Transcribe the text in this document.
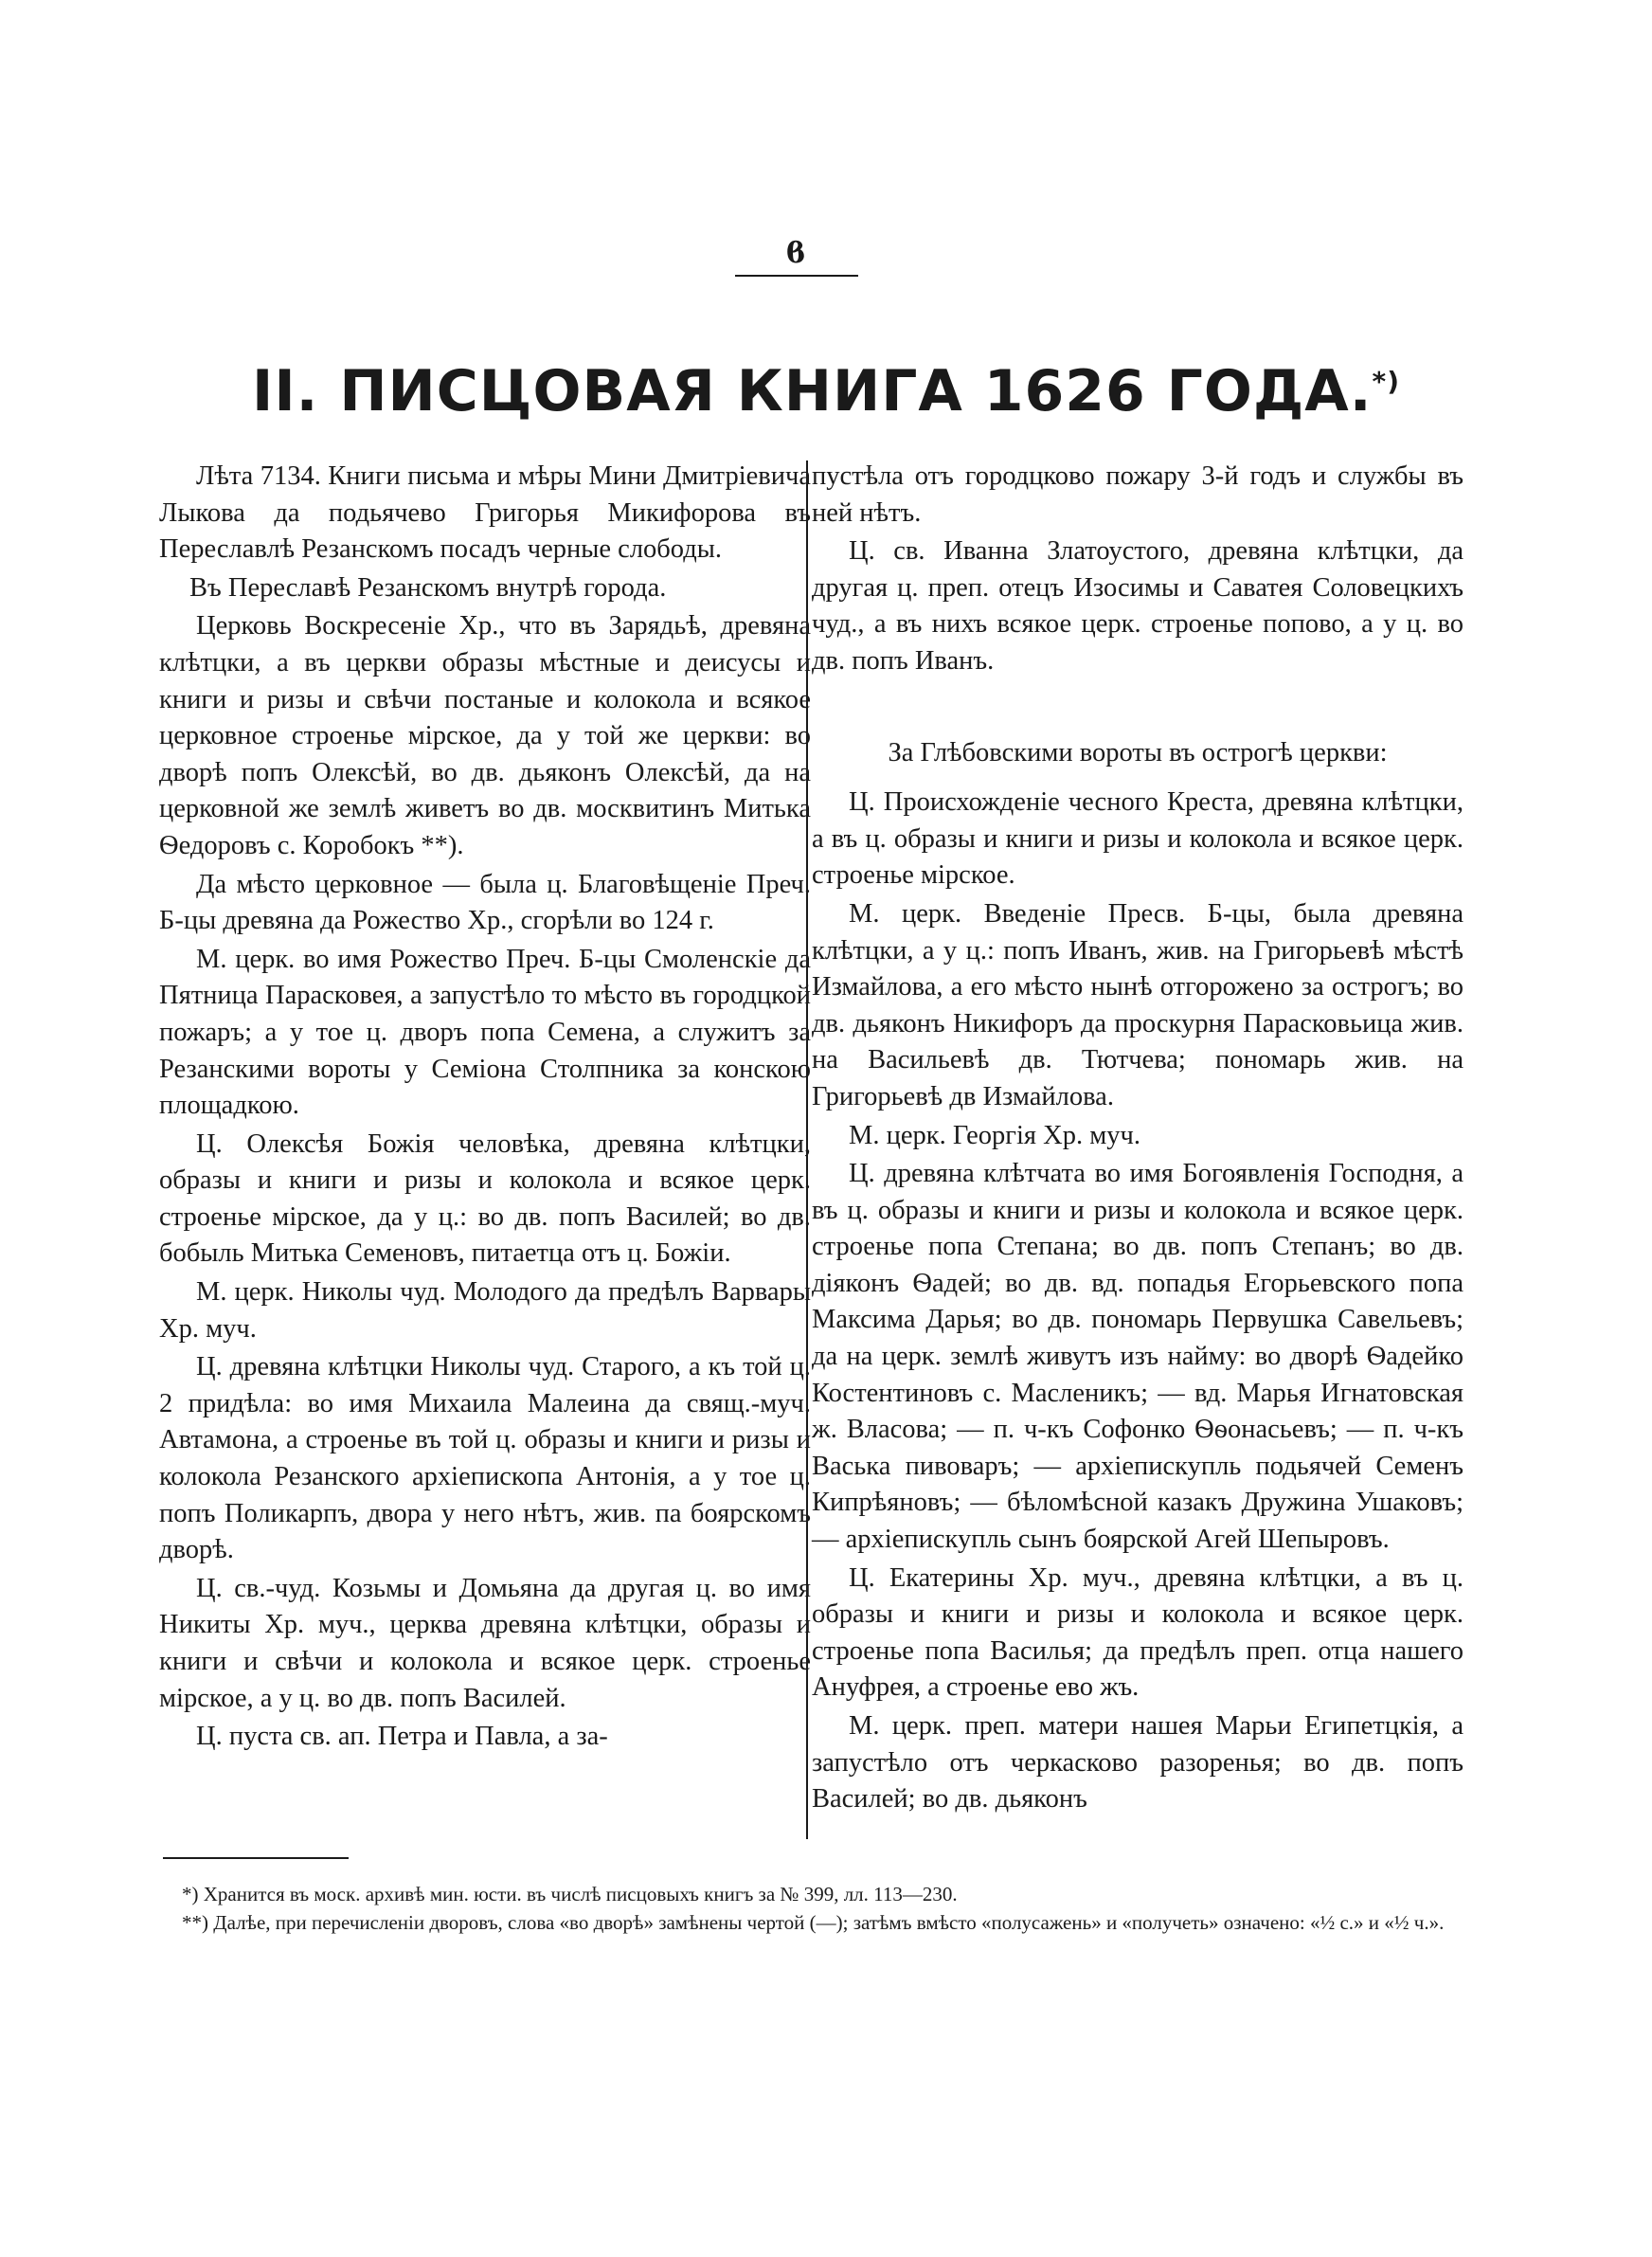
ϐ
II. ПИСЦОВАЯ КНИГА 1626 ГОДА.*)

Лѣта 7134. Книги письма и мѣры Мини Дмитріевича Лыкова да подьячево Григорья Микифорова въ Переславлѣ Резанскомъ посадъ черные слободы.

Въ Переславѣ Резанскомъ внутрѣ города.

Церковь Воскресеніе Хр., что въ Зарядьѣ, древяна клѣтцки, а въ церкви образы мѣстные и деисусы и книги и ризы и свѣчи постаные и колокола и всякое церковное строенье мірское, да у той же церкви: во дворѣ попъ Олексѣй, во дв. дьяконъ Олексѣй, да на церковной же землѣ живетъ во дв. москвитинъ Митька Ѳедоровъ с. Коробокъ **).

Да мѣсто церковное — была ц. Благовѣщеніе Преч. Б-цы древяна да Рожество Хр., сгорѣли во 124 г.

М. церк. во имя Рожество Преч. Б-цы Смоленскіе да Пятница Парасковея, а запустѣло то мѣсто въ городцкой пожаръ; а у тое ц. дворъ попа Семена, а служитъ за Резанскими вороты у Семіона Столпника за конскою площадкою.

Ц. Олексѣя Божія человѣка, древяна клѣтцки, образы и книги и ризы и колокола и всякое церк. строенье мірское, да у ц.: во дв. попъ Василей; во дв. бобыль Митька Семеновъ, питаетца отъ ц. Божіи.

М. церк. Николы чуд. Молодого да предѣлъ Варвары Хр. муч.

Ц. древяна клѣтцки Николы чуд. Старого, а къ той ц. 2 придѣла: во имя Михаила Малеина да свящ.-муч. Автамона, а строенье въ той ц. образы и книги и ризы и колокола Резанского архіепископа Антонія, а у тое ц. попъ Поликарпъ, двора у него нѣтъ, жив. па боярскомъ дворѣ.

Ц. св.-чуд. Козьмы и Домьяна да другая ц. во имя Никиты Хр. муч., церква древяна клѣтцки, образы и книги и свѣчи и колокола и всякое церк. строенье мірское, а у ц. во дв. попъ Василей.

Ц. пуста св. ап. Петра и Павла, а за-

пустѣла отъ городцково пожару 3-й годъ и службы въ ней нѣтъ.

Ц. св. Иванна Златоустого, древяна клѣтцки, да другая ц. преп. отецъ Изосимы и Саватея Соловецкихъ чуд., а въ нихъ всякое церк. строенье попово, а у ц. во дв. попъ Иванъ.

За Глѣбовскими вороты въ острогѣ церкви:

Ц. Происхожденіе чесного Креста, древяна клѣтцки, а въ ц. образы и книги и ризы и колокола и всякое церк. строенье мірское.

М. церк. Введеніе Пресв. Б-цы, была древяна клѣтцки, а у ц.: попъ Иванъ, жив. на Григорьевѣ мѣстѣ Измайлова, а его мѣсто нынѣ отгорожено за острогъ; во дв. дьяконъ Никифоръ да проскурня Парасковьица жив. на Васильевѣ дв. Тютчева; пономарь жив. на Григорьевѣ дв Измайлова.

М. церк. Георгія Хр. муч.

Ц. древяна клѣтчата во имя Богоявленія Господня, а въ ц. образы и книги и ризы и колокола и всякое церк. строенье попа Степана; во дв. попъ Степанъ; во дв. діяконъ Ѳадей; во дв. вд. попадья Егорьевского попа Максима Дарья; во дв. пономарь Первушка Савельевъ; да на церк. землѣ живутъ изъ найму: во дворѣ Ѳадейко Костентиновъ с. Масленикъ; — вд. Марья Игнатовская ж. Власова; — п. ч-къ Софонко Ѳѳонасьевъ; — п. ч-къ Васька пивоваръ; — архіепискупль подьячей Семенъ Кипрѣяновъ; — бѣломѣсной казакъ Дружина Ушаковъ; — архіепискупль сынъ боярской Агей Шепыровъ.

Ц. Екатерины Хр. муч., древяна клѣтцки, а въ ц. образы и книги и ризы и колокола и всякое церк. строенье попа Василья; да предѣлъ преп. отца нашего Ануфрея, а строенье ево жъ.

М. церк. преп. матери нашея Марьи Египетцкія, а запустѣло отъ черкасково разоренья; во дв. попъ Василей; во дв. дьяконъ

*) Хранится въ моск. архивѣ мин. юсти. въ числѣ писцовыхъ книгъ за № 399, лл. 113—230.

**) Далѣе, при перечисленіи дворовъ, слова «во дворѣ» замѣнены чертой (—); затѣмъ вмѣсто «полусажень» и «получеть» означено: «½ с.» и «½ ч.».
